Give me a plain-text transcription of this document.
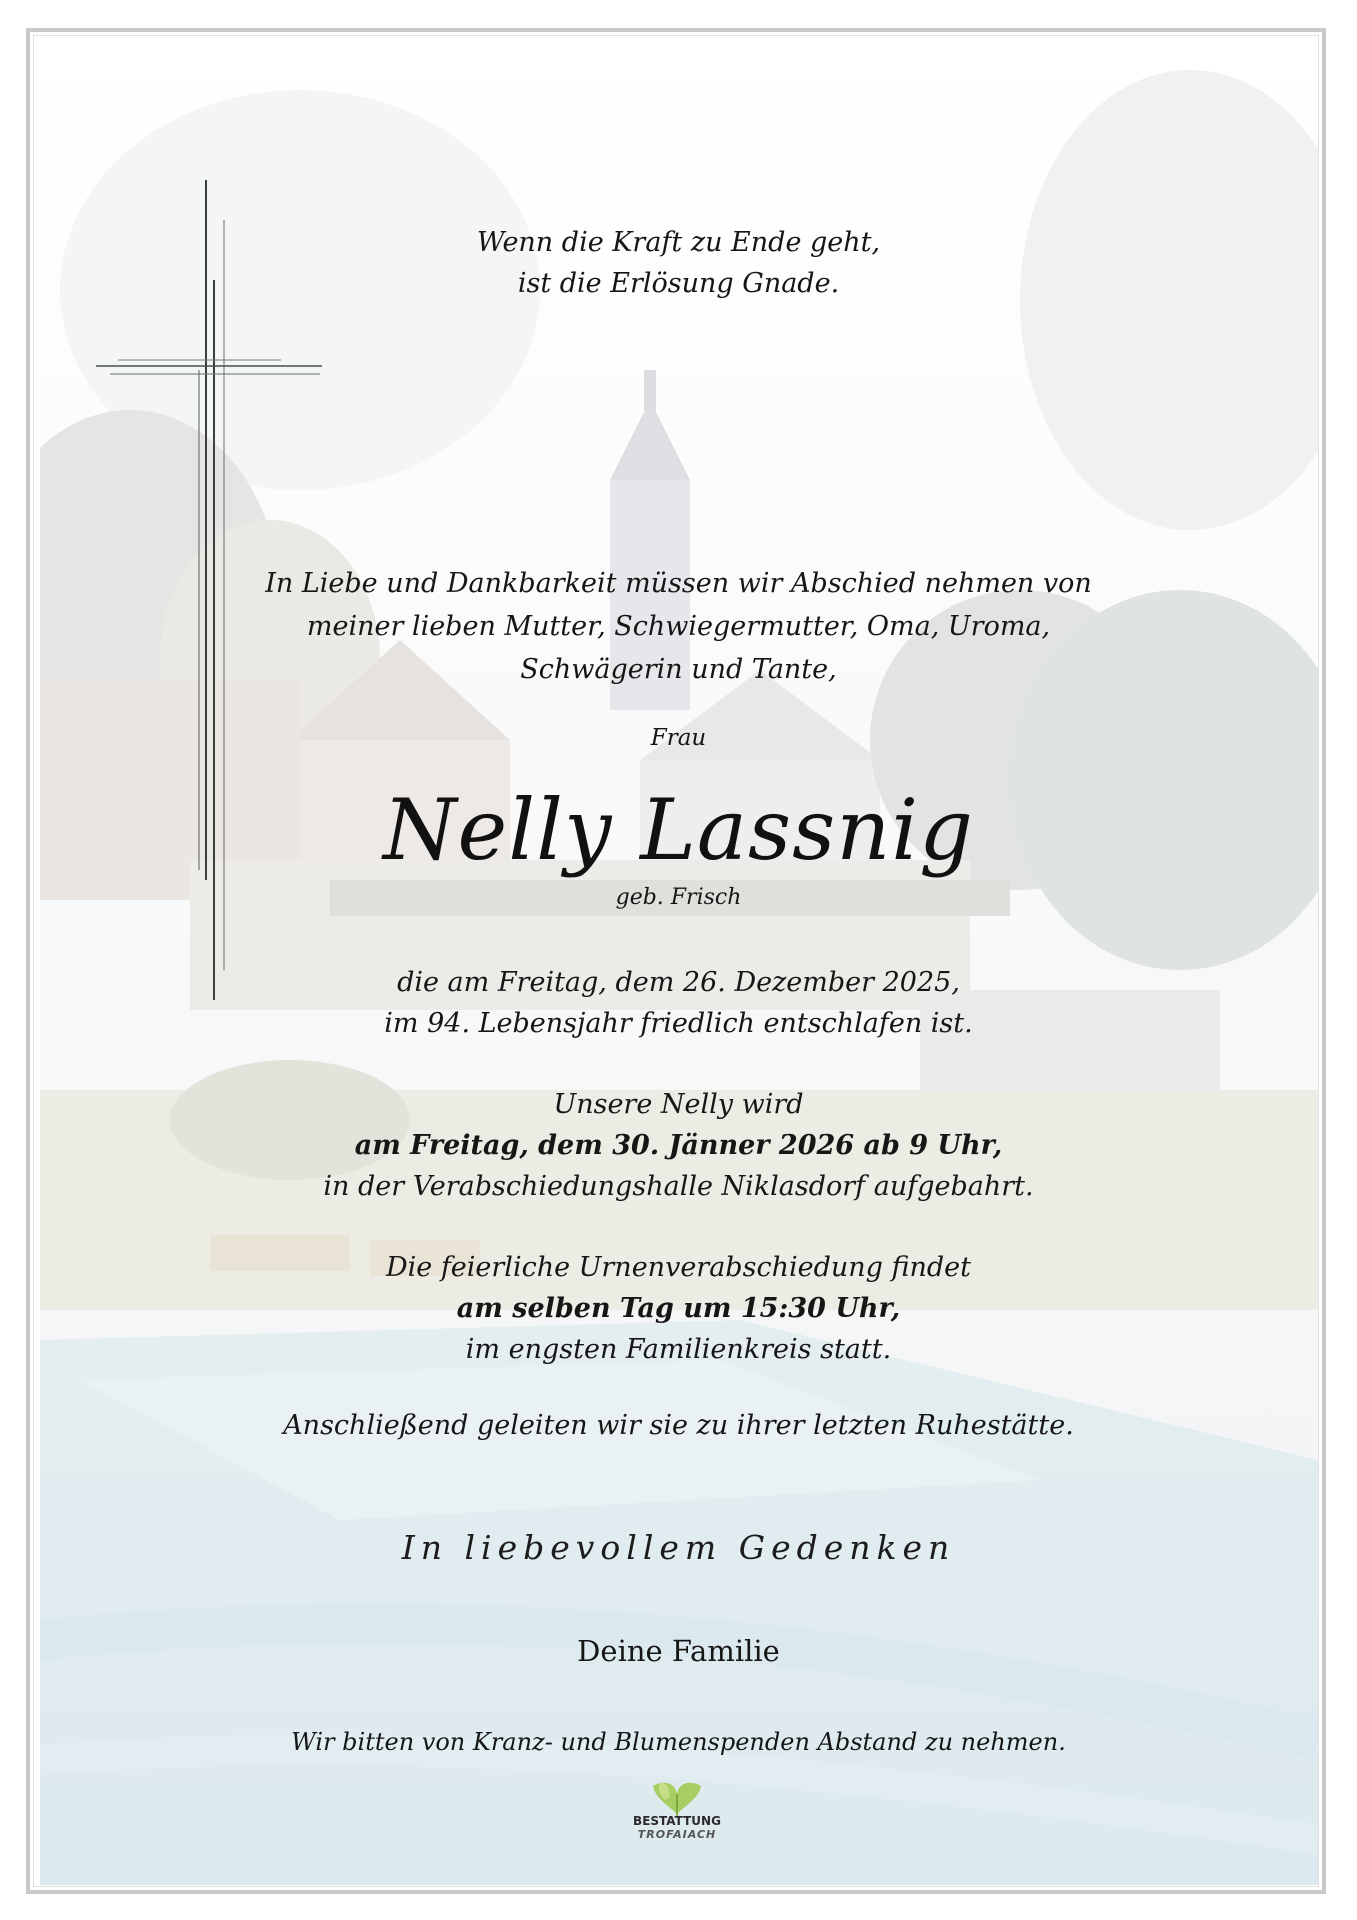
Wenn die Kraft zu Ende geht,
ist die Erlösung Gnade.
In Liebe und Dankbarkeit müssen wir Abschied nehmen von
meiner lieben Mutter, Schwiegermutter, Oma, Uroma,
Schwägerin und Tante,
Frau
Nelly Lassnig
geb. Frisch
die am Freitag, dem 26. Dezember 2025,
im 94. Lebensjahr friedlich entschlafen ist.
Unsere Nelly wird
am Freitag, dem 30. Jänner 2026 ab 9 Uhr,
in der Verabschiedungshalle Niklasdorf aufgebahrt.
Die feierliche Urnenverabschiedung findet
am selben Tag um 15:30 Uhr,
im engsten Familienkreis statt.
Anschließend geleiten wir sie zu ihrer letzten Ruhestätte.
In liebevollem Gedenken
Deine Familie
Wir bitten von Kranz- und Blumenspenden Abstand zu nehmen.
BESTATTUNG
TROFAIACH
